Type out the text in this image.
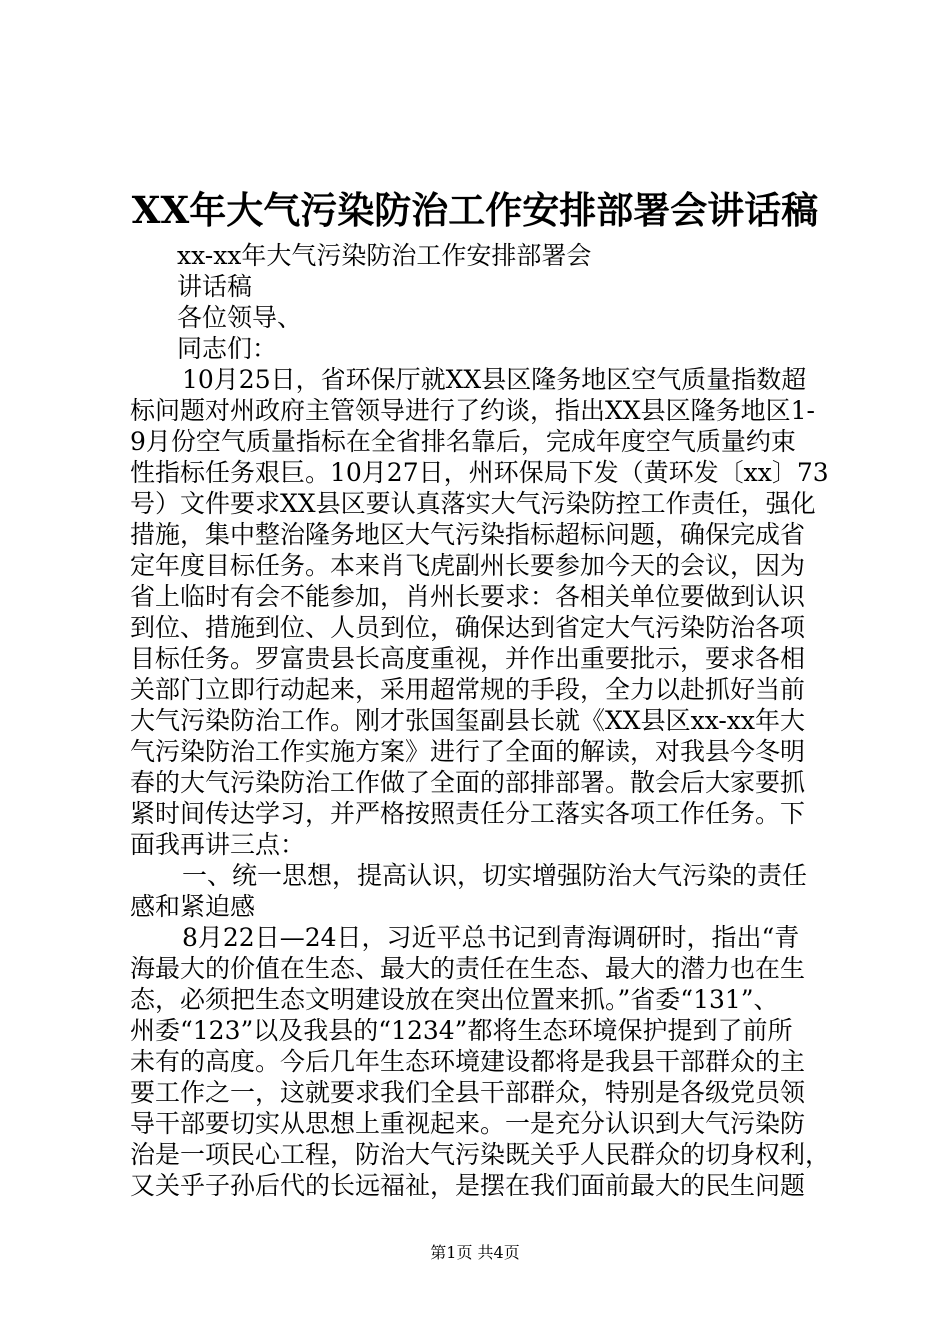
XX年大气污染防治工作安排部署会讲话稿

xx-xx年大气污染防治工作安排部署会

讲话稿

各位领导、

同志们：

10月25日，省环保厅就XX县区隆务地区空气质量指数超

标问题对州政府主管领导进行了约谈，指出XX县区隆务地区1-

9月份空气质量指标在全省排名靠后，完成年度空气质量约束

性指标任务艰巨。10月27日，州环保局下发（黄环发〔xx〕73

号）文件要求XX县区要认真落实大气污染防控工作责任，强化

措施，集中整治隆务地区大气污染指标超标问题，确保完成省

定年度目标任务。本来肖飞虎副州长要参加今天的会议，因为

省上临时有会不能参加，肖州长要求：各相关单位要做到认识

到位、措施到位、人员到位，确保达到省定大气污染防治各项

目标任务。罗富贵县长高度重视，并作出重要批示，要求各相

关部门立即行动起来，采用超常规的手段，全力以赴抓好当前

大气污染防治工作。刚才张国玺副县长就《XX县区xx-xx年大

气污染防治工作实施方案》进行了全面的解读，对我县今冬明

春的大气污染防治工作做了全面的部排部署。散会后大家要抓

紧时间传达学习，并严格按照责任分工落实各项工作任务。下

面我再讲三点：

一、统一思想，提高认识，切实增强防治大气污染的责任

感和紧迫感

8月22日—24日，习近平总书记到青海调研时，指出“青

海最大的价值在生态、最大的责任在生态、最大的潜力也在生

态，必须把生态文明建设放在突出位置来抓。”省委“131”、

州委“123”以及我县的“1234”都将生态环境保护提到了前所

未有的高度。今后几年生态环境建设都将是我县干部群众的主

要工作之一，这就要求我们全县干部群众，特别是各级党员领

导干部要切实从思想上重视起来。一是充分认识到大气污染防

治是一项民心工程，防治大气污染既关乎人民群众的切身权利，

又关乎子孙后代的长远福祉，是摆在我们面前最大的民生问题

第1页 共4页
